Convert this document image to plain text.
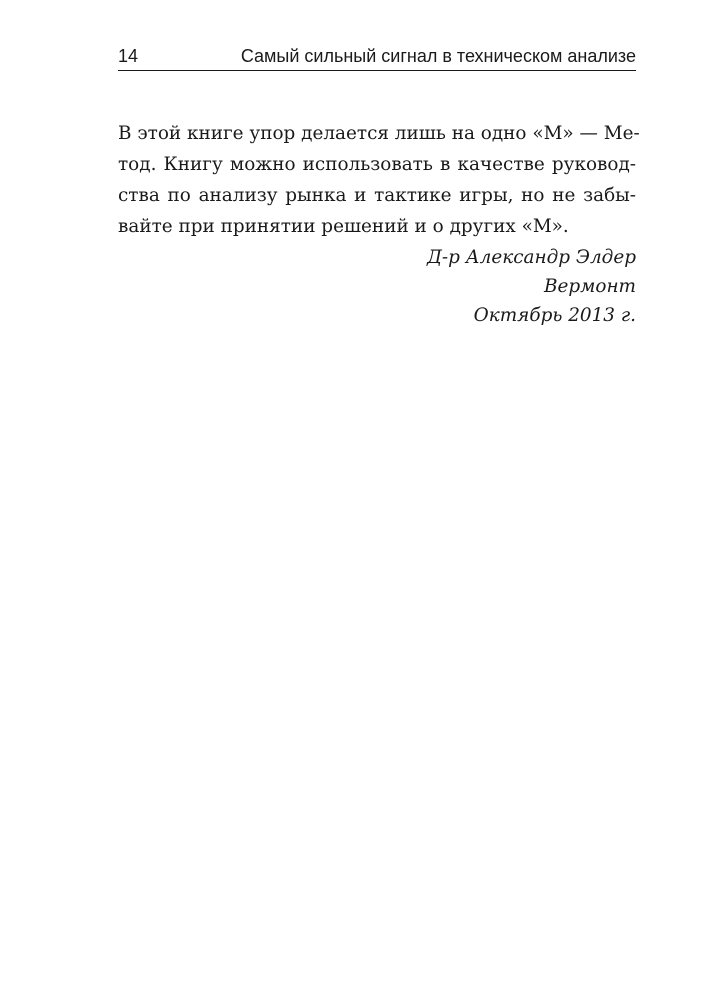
14	Самый сильный сигнал в техническом анализе
В этой книге упор делается лишь на одно «М» — Ме-
тод. Книгу можно использовать в качестве руковод-
ства по анализу рынка и тактике игры, но не забы-
вайте при принятии решений и о других «М».
Д-р Александр Элдер
Вермонт
Октябрь 2013 г.
